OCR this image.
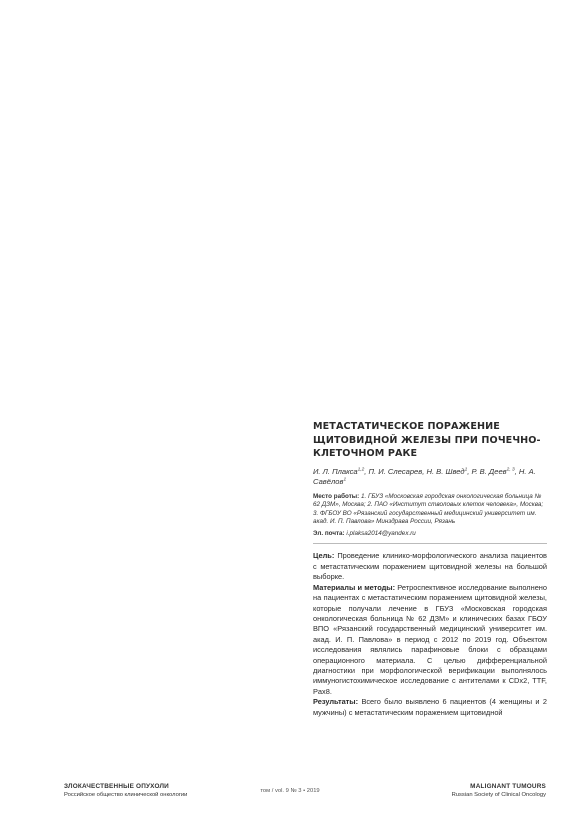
МЕТАСТАТИЧЕСКОЕ ПОРАЖЕНИЕ ЩИТОВИДНОЙ ЖЕЛЕЗЫ ПРИ ПОЧЕЧНО-КЛЕТОЧНОМ РАКЕ

И. Л. Плакса$^{1,2}$, П. И. Слесарев, Н. В. Швед$^1$, Р. В. Деев$^{2, 3}$, Н. А. Савёлов$^1$

Место работы: 1. ГБУЗ «Московская городская онкологическая больница № 62 ДЗМ», Москва; 2. ПАО «Институт стволовых клеток человека», Москва; 3. ФГБОУ ВО «Рязанский государственный медицинский университет им. акад. И. П. Павлова» Минздрава России, Рязань

Эл. почта: i.plaksa2014@yandex.ru

Цель: Проведение клинико-морфологического анализа пациентов с метастатическим поражением щитовидной железы на большой выборке.

Материалы и методы: Ретроспективное исследование выполнено на пациентах с метастатическим поражением щитовидной железы, которые получали лечение в ГБУЗ «Московская городская онкологическая больница № 62 ДЗМ» и клинических базах ГБОУ ВПО «Рязанский государственный медицинский университет им. акад. И. П. Павлова» в период с 2012 по 2019 год. Объектом исследования являлись парафиновые блоки с образцами операционного материала. С целью дифференциальной диагностики при морфологической верификации выполнялось иммуногистохимическое исследование с антителами к CDx2, TTF, Pax8.

Результаты: Всего было выявлено 6 пациентов (4 женщины и 2 мужчины) с метастатическим поражением щитовидной

ЗЛОКАЧЕСТВЕННЫЕ ОПУХОЛИ
Российское общество клинической онкологии
том / vol. 9 № 3 • 2019
MALIGNANT TUMOURS
Russian Society of Clinical Oncology
